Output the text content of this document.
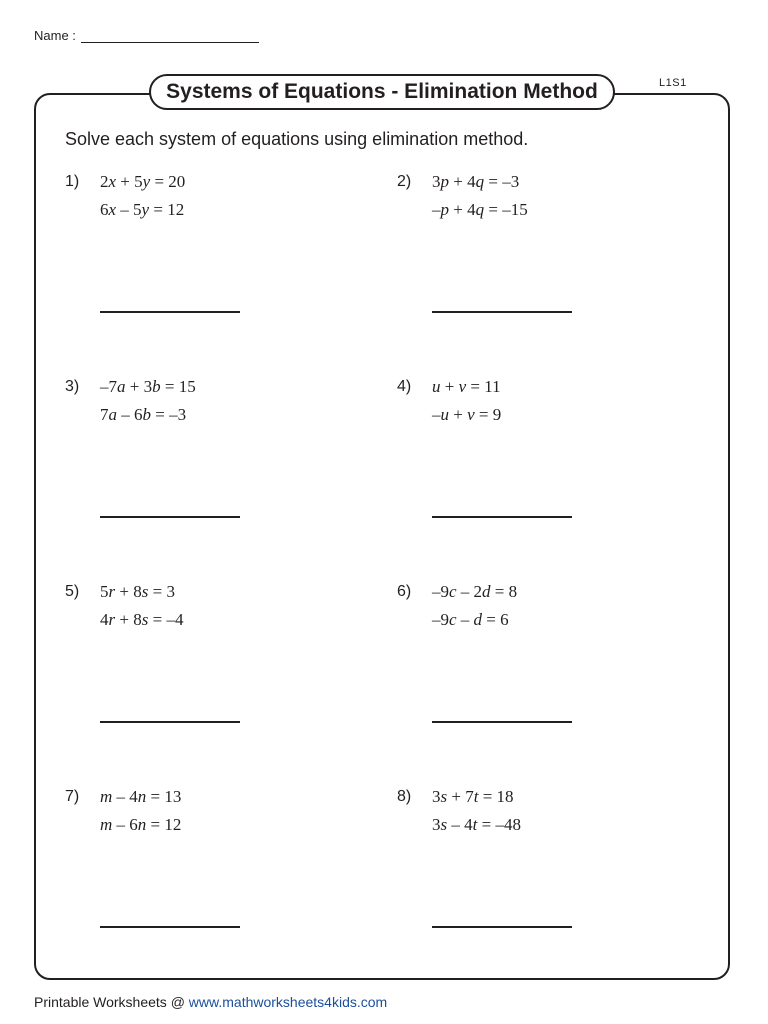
Name :
L1S1
Systems of Equations - Elimination Method
Solve each system of equations using elimination method.
1) 2x + 5y = 20
6x – 5y = 12
2) 3p + 4q = –3
–p + 4q = –15
3) –7a + 3b = 15
7a – 6b = –3
4) u + v = 11
–u + v = 9
5) 5r + 8s = 3
4r + 8s = –4
6) –9c – 2d = 8
–9c – d = 6
7) m – 4n = 13
m – 6n = 12
8) 3s + 7t = 18
3s – 4t = –48
Printable Worksheets @ www.mathworksheets4kids.com
